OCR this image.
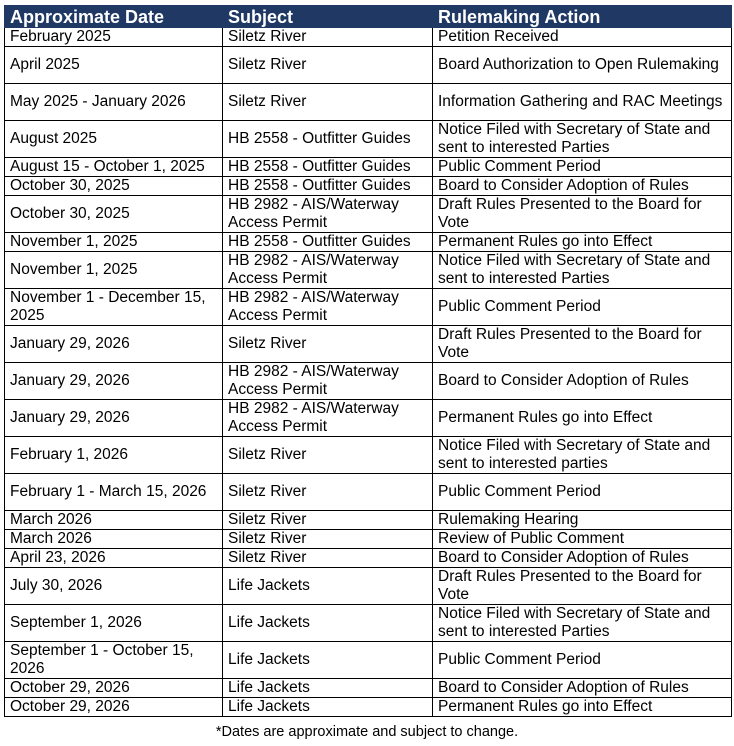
Approximate Date	Subject	Rulemaking Action
February 2025	Siletz River	Petition Received
April 2025	Siletz River	Board Authorization to Open Rulemaking
May 2025 - January 2026	Siletz River	Information Gathering and RAC Meetings
August 2025	HB 2558 - Outfitter Guides	Notice Filed with Secretary of State and sent to interested Parties
August 15 - October 1, 2025	HB 2558 - Outfitter Guides	Public Comment Period
October 30, 2025	HB 2558 - Outfitter Guides	Board to Consider Adoption of Rules
October 30, 2025	HB 2982 - AIS/Waterway Access Permit	Draft Rules Presented to the Board for Vote
November 1, 2025	HB 2558 - Outfitter Guides	Permanent Rules go into Effect
November 1, 2025	HB 2982 - AIS/Waterway Access Permit	Notice Filed with Secretary of State and sent to interested Parties
November 1 - December 15, 2025	HB 2982 - AIS/Waterway Access Permit	Public Comment Period
January 29, 2026	Siletz River	Draft Rules Presented to the Board for Vote
January 29, 2026	HB 2982 - AIS/Waterway Access Permit	Board to Consider Adoption of Rules
January 29, 2026	HB 2982 - AIS/Waterway Access Permit	Permanent Rules go into Effect
February 1, 2026	Siletz River	Notice Filed with Secretary of State and sent to interested parties
February 1 - March 15, 2026	Siletz River	Public Comment Period
March 2026	Siletz River	Rulemaking Hearing
March 2026	Siletz River	Review of Public Comment
April 23, 2026	Siletz River	Board to Consider Adoption of Rules
July 30, 2026	Life Jackets	Draft Rules Presented to the Board for Vote
September 1, 2026	Life Jackets	Notice Filed with Secretary of State and sent to interested Parties
September 1 - October 15, 2026	Life Jackets	Public Comment Period
October 29, 2026	Life Jackets	Board to Consider Adoption of Rules
October 29, 2026	Life Jackets	Permanent Rules go into Effect
*Dates are approximate and subject to change.
